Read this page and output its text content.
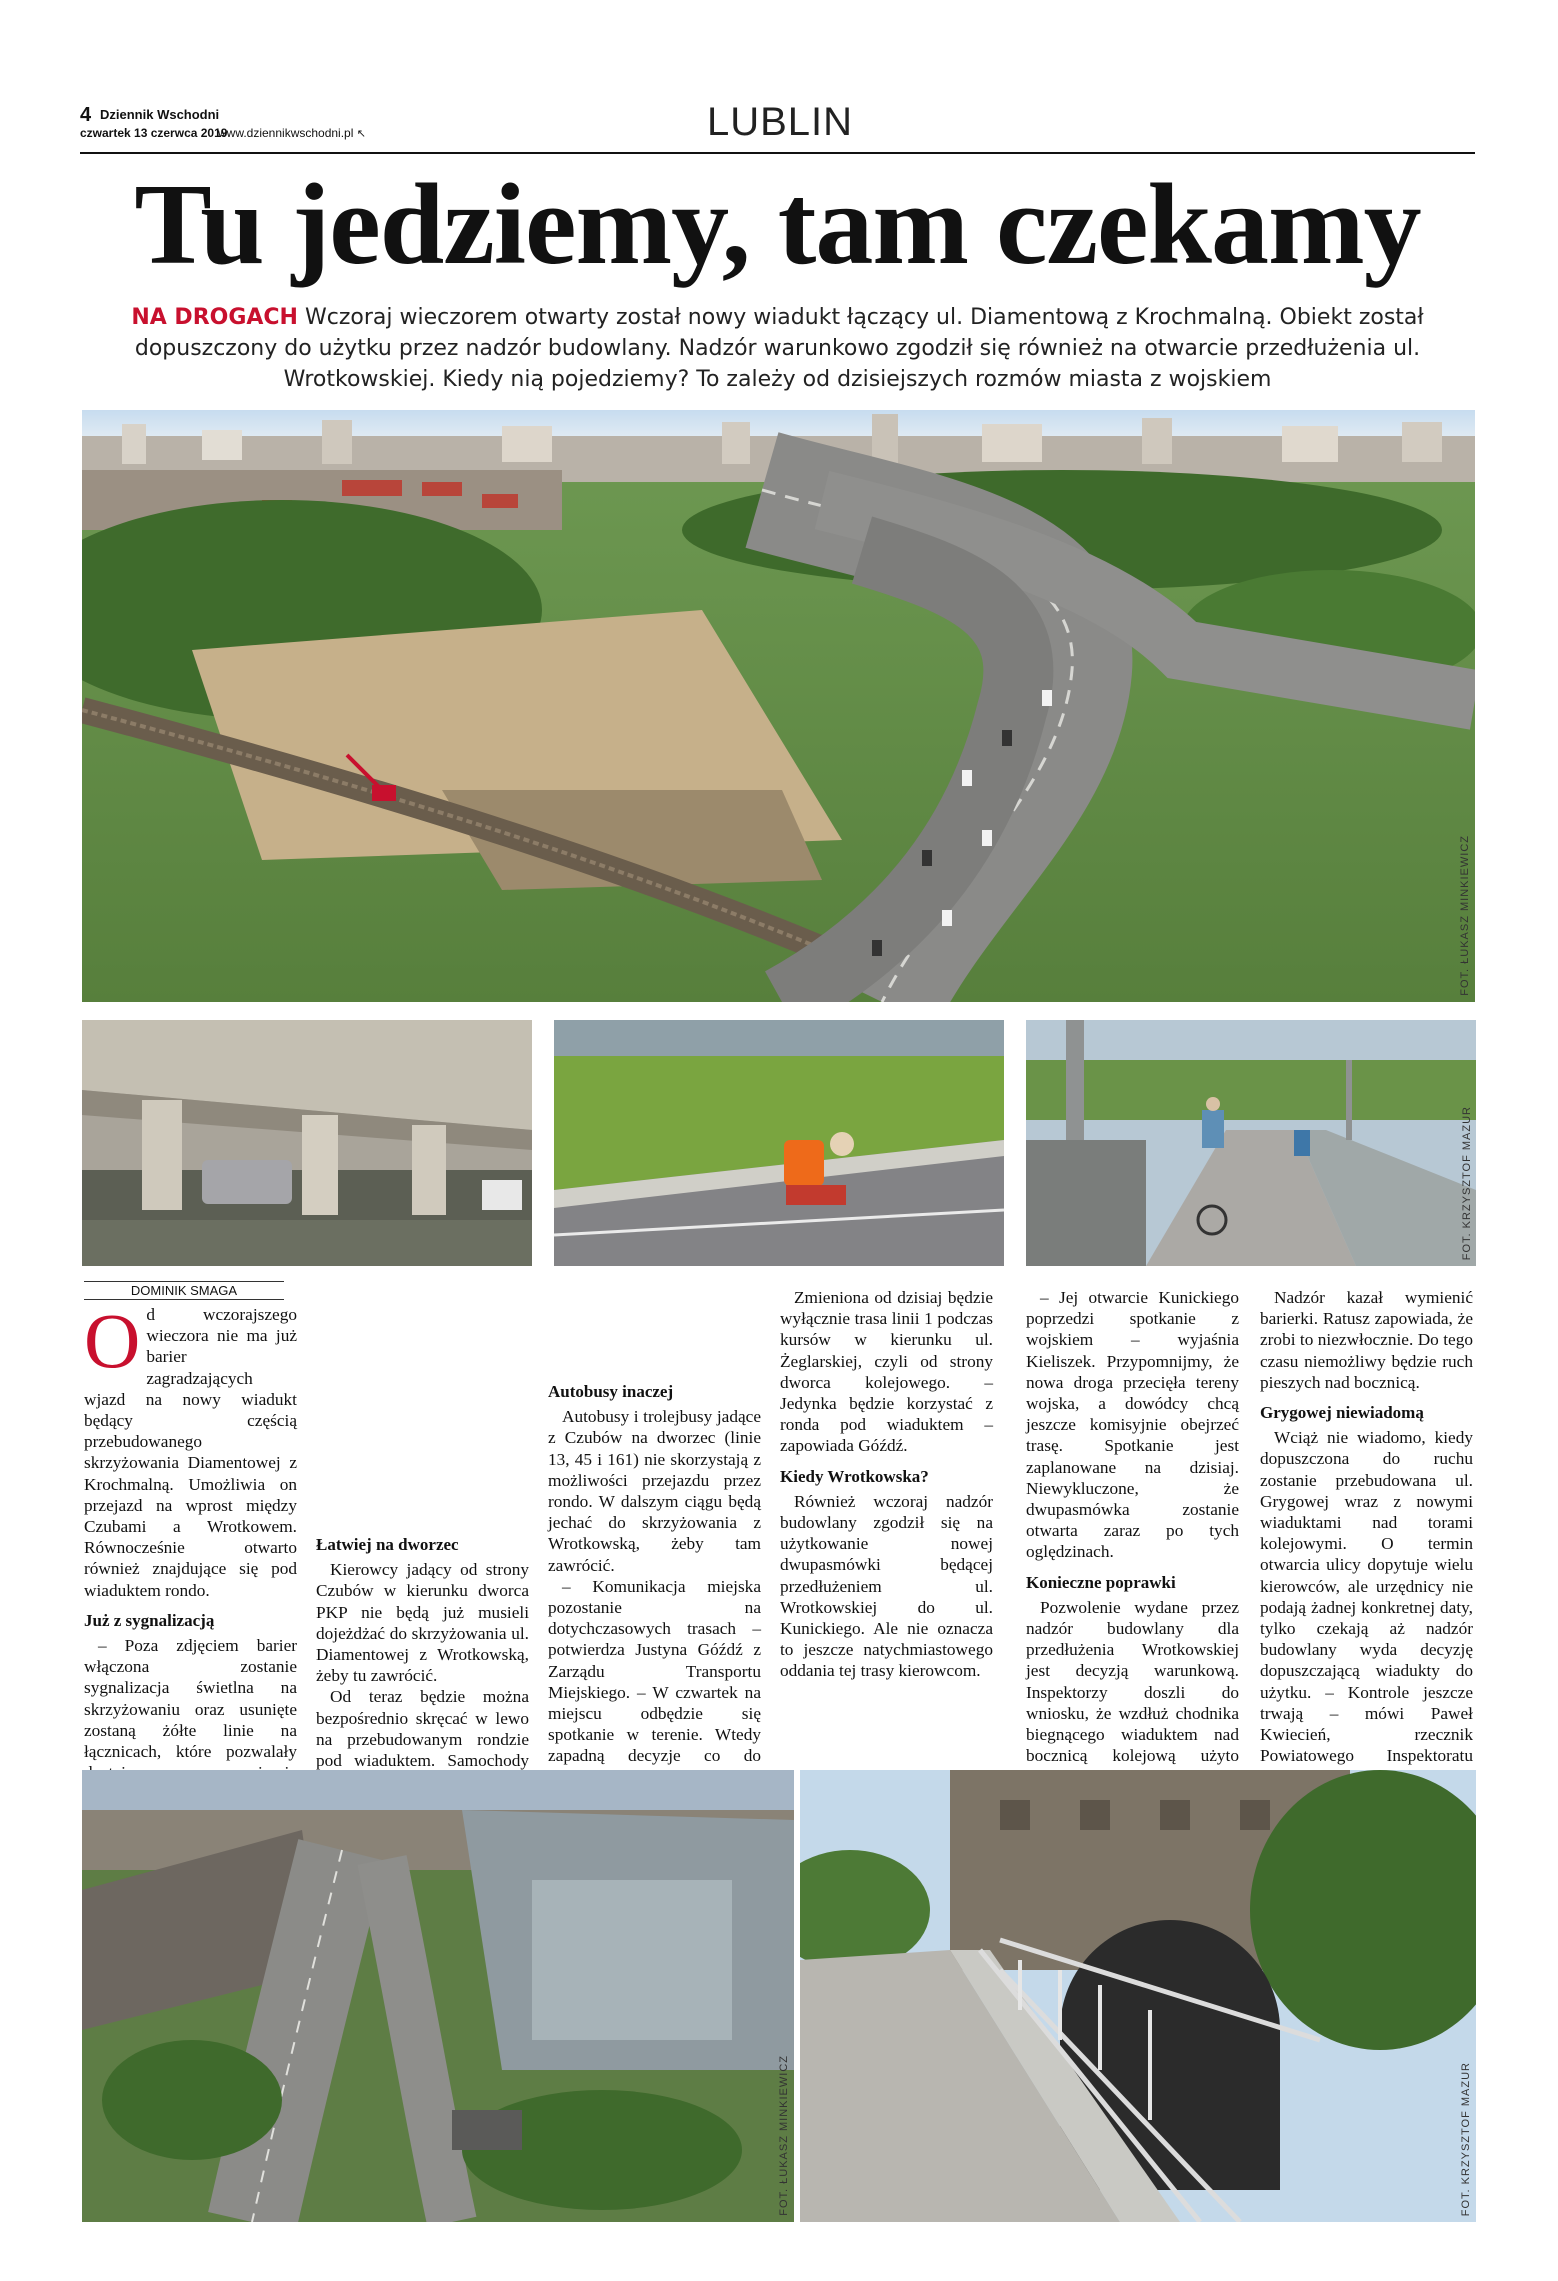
4 Dziennik Wschodni
czwartek 13 czerwca 2019
www.dziennikwschodni.pl ↖	LUBLIN
Tu jedziemy, tam czekamy
NA DROGACH Wczoraj wieczorem otwarty został nowy wiadukt łączący ul. Diamentową z Krochmalną. Obiekt został dopuszczony do użytku przez nadzór budowlany. Nadzór warunkowo zgodził się również na otwarcie przedłużenia ul. Wrotkowskiej. Kiedy nią pojedziemy? To zależy od dzisiejszych rozmów miasta z wojskiem
FOT. ŁUKASZ MINKIEWICZ
FOT. KRZYSZTOF MAZUR
DOMINIK SMAGA

Od wczorajszego wieczora nie ma już barier zagradzających wjazd na nowy wiadukt będący częścią przebudowanego skrzyżowania Diamentowej z Krochmalną. Umożliwia on przejazd na wprost między Czubami a Wrotkowem. Równocześnie otwarto również znajdujące się pod wiaduktem rondo.

Już z sygnalizacją

– Poza zdjęciem barier włączona zostanie sygnalizacja świetlna na skrzyżowaniu oraz usunięte zostaną żółte linie na łącznicach, które pozwalały

Łatwiej na dworzec

Kierowcy jadący od strony Czubów w kierunku dworca PKP nie będą już musieli dojeżdżać do skrzyżowania ul. Diamentowej z Wrotkowską, żeby tu zawrócić.

Od teraz będzie można bezpośrednio skręcać w lewo na przebudowanym rondzie pod wiaduktem. Samochody

Autobusy inaczej

Autobusy i trolejbusy jadące z Czubów na dworzec (linie 13, 45 i 161) nie skorzystają z możliwości przejazdu przez rondo. W dalszym ciągu będą jechać do skrzyżowania z Wrotkowską, żeby tam zawrócić.

– Komunikacja miejska pozostanie na dotychczasowych trasach – potwierdza Justyna Góźdź z Zarządu Transportu Miejskiego. – W czwartek na miejscu odbędzie się spotkanie w terenie. Wtedy zapadną decyzje co do

Zmieniona od dzisiaj będzie wyłącznie trasa linii 1 podczas kursów w kierunku ul. Żeglarskiej, czyli od strony dworca kolejowego. – Jedynka będzie korzystać z ronda pod wiaduktem – zapowiada Góźdź.

Kiedy Wrotkowska?

Również wczoraj nadzór budowlany zgodził się na użytkowanie nowej dwupasmówki będącej przedłużeniem ul. Wrotkowskiej do ul. Kunickiego. Ale nie oznacza to jeszcze natychmiastowego oddania tej trasy kierowcom.

– Jej otwarcie Kunickiego poprzedzi spotkanie z wojskiem – wyjaśnia Kieliszek. Przypomnijmy, że nowa droga przecięła tereny wojska, a dowódcy chcą jeszcze komisyjnie obejrzeć trasę. Spotkanie jest zaplanowane na dzisiaj. Niewykluczone, że dwupasmówka zostanie otwarta zaraz po tych oględzinach.

Konieczne poprawki

Pozwolenie wydane przez nadzór budowlany dla przedłużenia Wrotkowskiej jest decyzją warunkową. Inspektorzy doszli do wniosku, że wzdłuż chodnika biegnącego wiaduktem nad bocznicą kolejową użyto

Nadzór kazał wymienić barierki. Ratusz zapowiada, że zrobi to niezwłocznie. Do tego czasu niemożliwy będzie ruch pieszych nad bocznicą.

Grygowej niewiadomą

Wciąż nie wiadomo, kiedy dopuszczona do ruchu zostanie przebudowana ul. Grygowej wraz z nowymi wiaduktami nad torami kolejowymi. O termin otwarcia ulicy dopytuje wielu kierowców, ale urzędnicy nie podają żadnej konkretnej daty, tylko czekają aż nadzór budowlany wyda decyzję dopuszczającą wiadukty do użytku. – Kontrole jeszcze trwają – mówi Paweł Kwiecień, rzecznik Powiatowego Inspektoratu

FOT. ŁUKASZ MINKIEWICZ	FOT. KRZYSZTOF MAZUR
